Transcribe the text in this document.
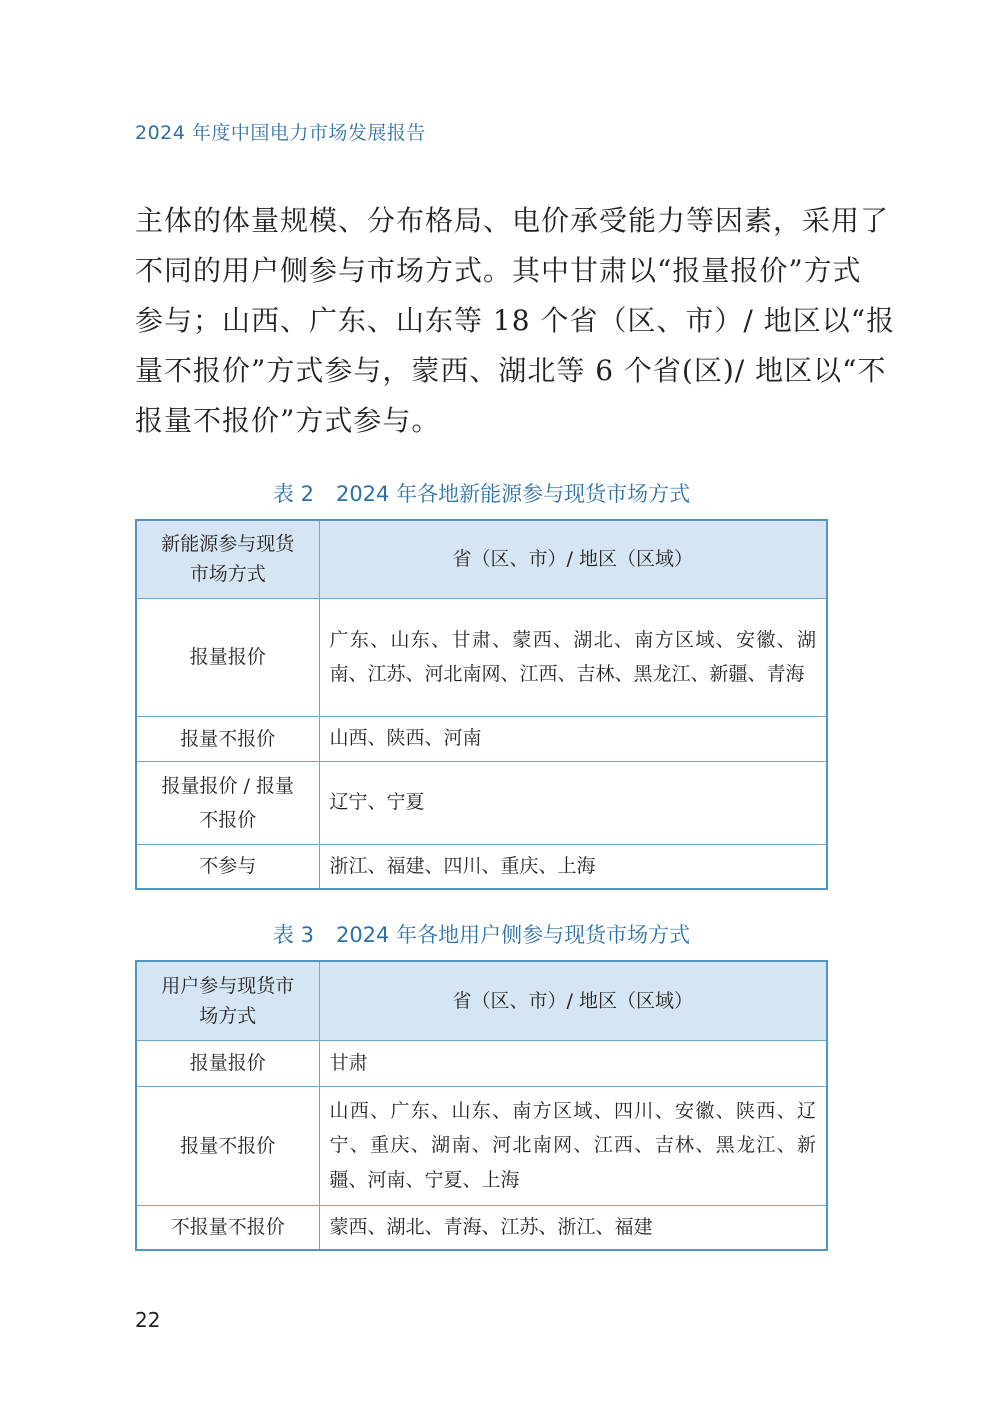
2024 年度中国电力市场发展报告
主体的体量规模、分布格局、电价承受能力等因素，采用了
不同的用户侧参与市场方式。其中甘肃以“报量报价”方式
参与；山西、广东、山东等 18 个省（区、市）/ 地区以“报
量不报价”方式参与，蒙西、湖北等 6 个省(区)/ 地区以“不
报量不报价”方式参与。
表 2 2024 年各地新能源参与现货市场方式
新能源参与现货市场方式	省（区、市）/ 地区（区域）
报量报价	广东、山东、甘肃、蒙西、湖北、南方区域、安徽、湖南、江苏、河北南网、江西、吉林、黑龙江、新疆、青海
报量不报价	山西、陕西、河南
报量报价 / 报量不报价	辽宁、宁夏
不参与	浙江、福建、四川、重庆、上海
表 3 2024 年各地用户侧参与现货市场方式
用户参与现货市场方式	省（区、市）/ 地区（区域）
报量报价	甘肃
报量不报价	山西、广东、山东、南方区域、四川、安徽、陕西、辽宁、重庆、湖南、河北南网、江西、吉林、黑龙江、新疆、河南、宁夏、上海
不报量不报价	蒙西、湖北、青海、江苏、浙江、福建
22
